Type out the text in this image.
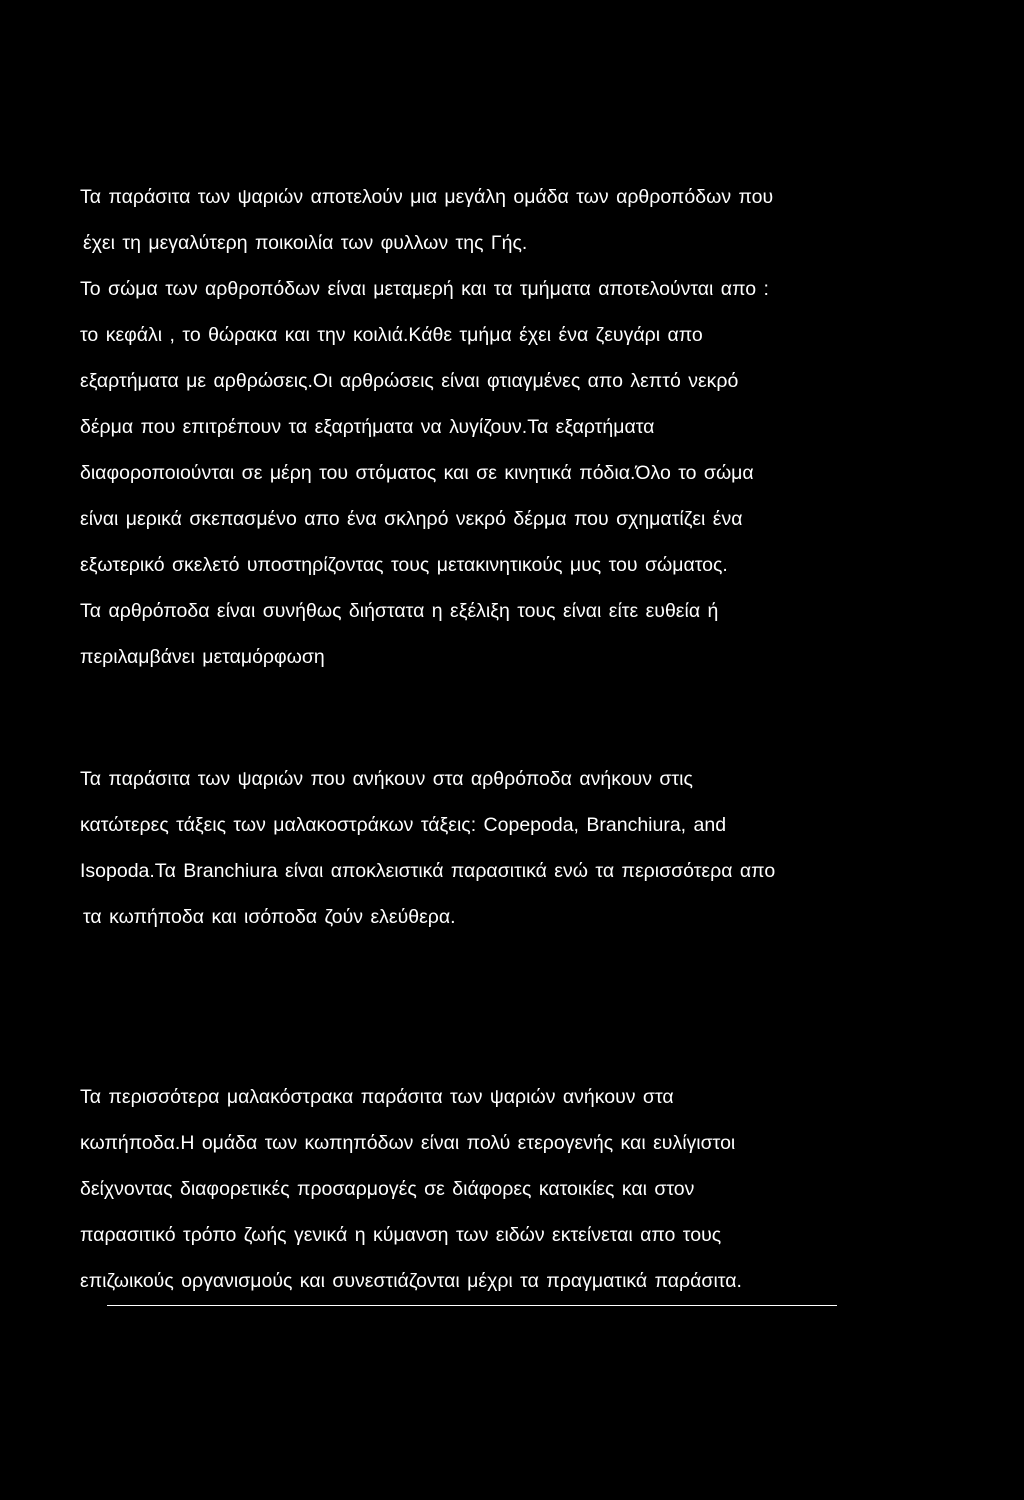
Τα παράσιτα των ψαριών αποτελούν μια μεγάλη ομάδα των αρθροπόδων που
έχει τη μεγαλύτερη ποικοιλία των φυλλων της Γής.
Το σώμα των αρθροπόδων είναι μεταμερή και τα τμήματα αποτελούνται απο :
το κεφάλι , το θώρακα και την κοιλιά.Κάθε τμήμα έχει ένα ζευγάρι απο
εξαρτήματα με αρθρώσεις.Οι αρθρώσεις είναι φτιαγμένες απο λεπτό νεκρό
δέρμα που επιτρέπουν τα εξαρτήματα να λυγίζουν.Τα εξαρτήματα
διαφοροποιούνται σε μέρη του στόματος και σε κινητικά πόδια.Όλο το σώμα
είναι μερικά σκεπασμένο απο ένα σκληρό νεκρό δέρμα που σχηματίζει ένα
εξωτερικό σκελετό υποστηρίζοντας τους μετακινητικούς μυς του σώματος.
Τα αρθρόποδα είναι συνήθως διήστατα η εξέλιξη τους είναι είτε ευθεία ή
περιλαμβάνει μεταμόρφωση
Τα παράσιτα των ψαριών που ανήκουν στα αρθρόποδα ανήκουν στις
κατώτερες τάξεις των μαλακοστράκων τάξεις: Copepoda, Branchiura, and
Isopoda.Τα Branchiura είναι αποκλειστικά παρασιτικά ενώ τα περισσότερα απο
τα κωπήποδα και ισόποδα ζούν ελεύθερα.
Τα περισσότερα μαλακόστρακα παράσιτα των ψαριών ανήκουν στα
κωπήποδα.Η ομάδα των κωπηπόδων είναι πολύ ετερογενής και ευλίγιστοι
δείχνοντας διαφορετικές προσαρμογές σε διάφορες κατοικίες και στον
παρασιτικό τρόπο ζωής γενικά η κύμανση των ειδών εκτείνεται απο τους
επιζωικούς οργανισμούς και συνεστιάζονται μέχρι τα πραγματικά παράσιτα.
